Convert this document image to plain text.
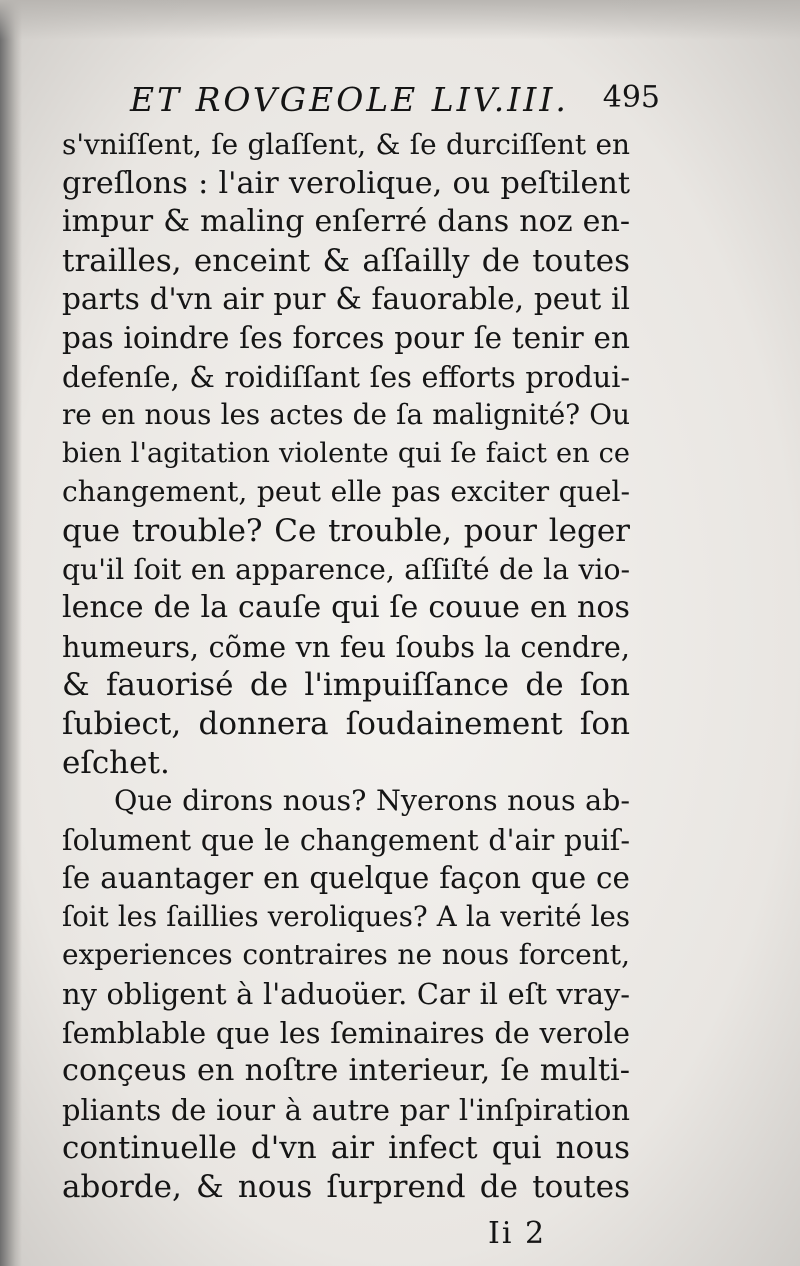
ET ROVGEOLE LIV.III. 495
s'vniſſent, ſe glaſſent, & ſe durciſſent en
greſlons : l'air verolique, ou peſtilent
impur & maling enſerré dans noz en-
trailles, enceint & aſſailly de toutes
parts d'vn air pur & fauorable, peut il
pas ioindre ſes forces pour ſe tenir en
defenſe, & roidiſſant ſes efforts produi-
re en nous les actes de ſa malignité? Ou
bien l'agitation violente qui ſe faict en ce
changement, peut elle pas exciter quel-
que trouble? Ce trouble, pour leger
qu'il ſoit en apparence, aſſiſté de la vio-
lence de la cauſe qui ſe couue en nos
humeurs, cõme vn feu ſoubs la cendre,
& fauorisé de l'impuiſſance de ſon
ſubiect, donnera ſoudainement ſon
eſchet.
Que dirons nous? Nyerons nous ab-
ſolument que le changement d'air puiſ-
ſe auantager en quelque façon que ce
ſoit les ſaillies veroliques? A la verité les
experiences contraires ne nous forcent,
ny obligent à l'aduoüer. Car il eſt vray-
ſemblable que les ſeminaires de verole
conçeus en noſtre interieur, ſe multi-
pliants de iour à autre par l'inſpiration
continuelle d'vn air infect qui nous
aborde, & nous ſurprend de toutes
Ii 2
